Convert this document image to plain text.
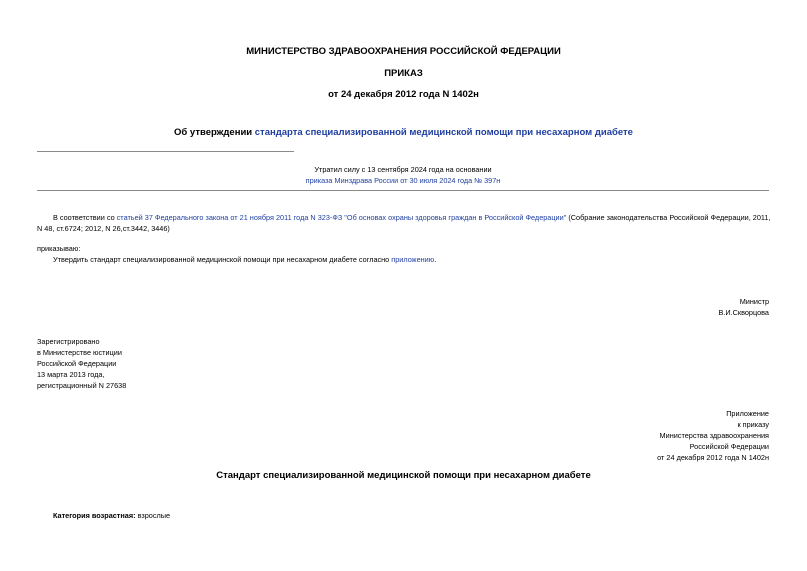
МИНИСТЕРСТВО ЗДРАВООХРАНЕНИЯ РОССИЙСКОЙ ФЕДЕРАЦИИ
ПРИКАЗ
от 24 декабря 2012 года N 1402н
Об утверждении стандарта специализированной медицинской помощи при несахарном диабете
Утратил силу с 13 сентября 2024 года на основании
приказа Минздрава России от 30 июля 2024 года № 397н
В соответствии со статьей 37 Федерального закона от 21 ноября 2011 года N 323-ФЗ "Об основах охраны здоровья граждан в Российской Федерации" (Собрание законодательства Российской Федерации, 2011,
N 48, ст.6724; 2012, N 26,ст.3442, 3446)
приказываю:
Утвердить стандарт специализированной медицинской помощи при несахарном диабете согласно приложению.
Министр
В.И.Скворцова
Зарегистрировано
в Министерстве юстиции
Российской Федерации
13 марта 2013 года,
регистрационный N 27638
Приложение
к приказу
Министерства здравоохранения
Российской Федерации
от 24 декабря 2012 года N 1402н
Стандарт специализированной медицинской помощи при несахарном диабете
Категория возрастная: взрослые
